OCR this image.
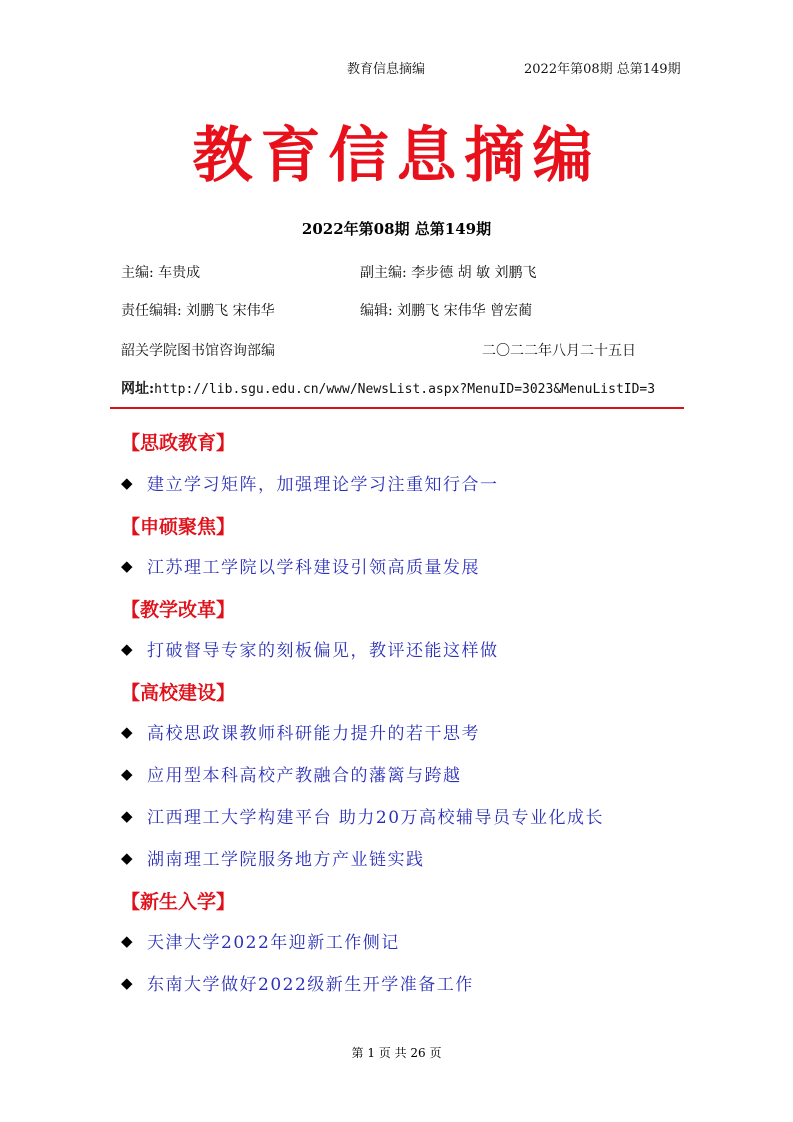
教育信息摘编	2022年第08期 总第149期
教育信息摘编
2022年第08期 总第149期
主编: 车贵成	副主编: 李步德 胡 敏 刘鹏飞
责任编辑: 刘鹏飞 宋伟华	编辑: 刘鹏飞 宋伟华 曾宏蔺
韶关学院图书馆咨询部编	二〇二二年八月二十五日
网址:http://lib.sgu.edu.cn/www/NewsList.aspx?MenuID=3023&MenuListID=3
【思政教育】
◆ 建立学习矩阵，加强理论学习注重知行合一
【申硕聚焦】
◆ 江苏理工学院以学科建设引领高质量发展
【教学改革】
◆ 打破督导专家的刻板偏见，教评还能这样做
【高校建设】
◆ 高校思政课教师科研能力提升的若干思考
◆ 应用型本科高校产教融合的藩篱与跨越
◆ 江西理工大学构建平台 助力20万高校辅导员专业化成长
◆ 湖南理工学院服务地方产业链实践
【新生入学】
◆ 天津大学2022年迎新工作侧记
◆ 东南大学做好2022级新生开学准备工作
第 1 页 共 26 页
